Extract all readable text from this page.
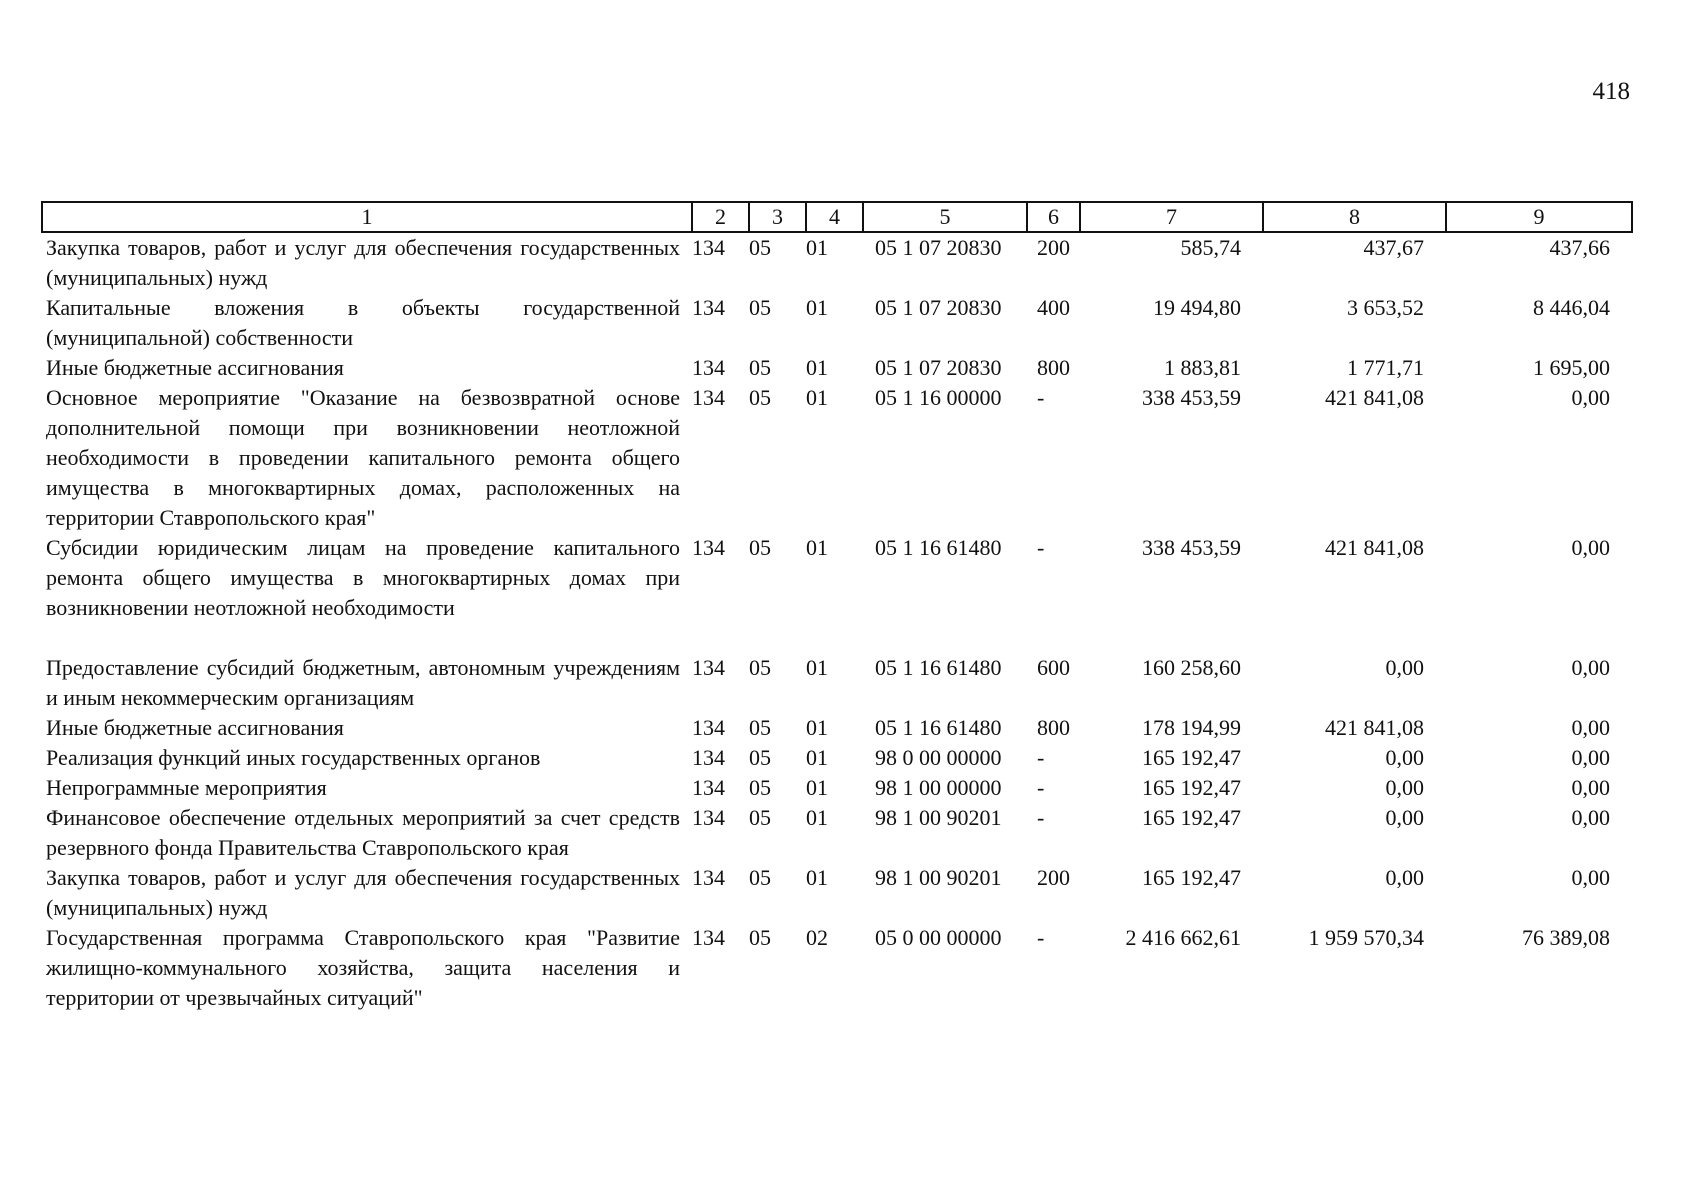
418
1	2	3	4	5	6	7	8	9
Закупка товаров, работ и услуг для обеспечения государственных (муниципальных) нужд	134	05	01	05 1 07 20830	200	585,74	437,67	437,66
Капитальные вложения в объекты государственной (муниципальной) собственности	134	05	01	05 1 07 20830	400	19 494,80	3 653,52	8 446,04
Иные бюджетные ассигнования	134	05	01	05 1 07 20830	800	1 883,81	1 771,71	1 695,00
Основное мероприятие "Оказание на безвозвратной основе дополнительной помощи при возникновении неотложной необходимости в проведении капитального ремонта общего имущества в многоквартирных домах, расположенных на территории Ставропольского края"	134	05	01	05 1 16 00000	-	338 453,59	421 841,08	0,00
Субсидии юридическим лицам на проведение капитального ремонта общего имущества в многоквартирных домах при возникновении неотложной необходимости	134	05	01	05 1 16 61480	-	338 453,59	421 841,08	0,00
Предоставление субсидий бюджетным, автономным учреждениям и иным некоммерческим организациям	134	05	01	05 1 16 61480	600	160 258,60	0,00	0,00
Иные бюджетные ассигнования	134	05	01	05 1 16 61480	800	178 194,99	421 841,08	0,00
Реализация функций иных государственных органов	134	05	01	98 0 00 00000	-	165 192,47	0,00	0,00
Непрограммные мероприятия	134	05	01	98 1 00 00000	-	165 192,47	0,00	0,00
Финансовое обеспечение отдельных мероприятий за счет средств резервного фонда Правительства Ставропольского края	134	05	01	98 1 00 90201	-	165 192,47	0,00	0,00
Закупка товаров, работ и услуг для обеспечения государственных (муниципальных) нужд	134	05	01	98 1 00 90201	200	165 192,47	0,00	0,00
Государственная программа Ставропольского края "Развитие жилищно-коммунального хозяйства, защита населения и территории от чрезвычайных ситуаций"	134	05	02	05 0 00 00000	-	2 416 662,61	1 959 570,34	76 389,08
